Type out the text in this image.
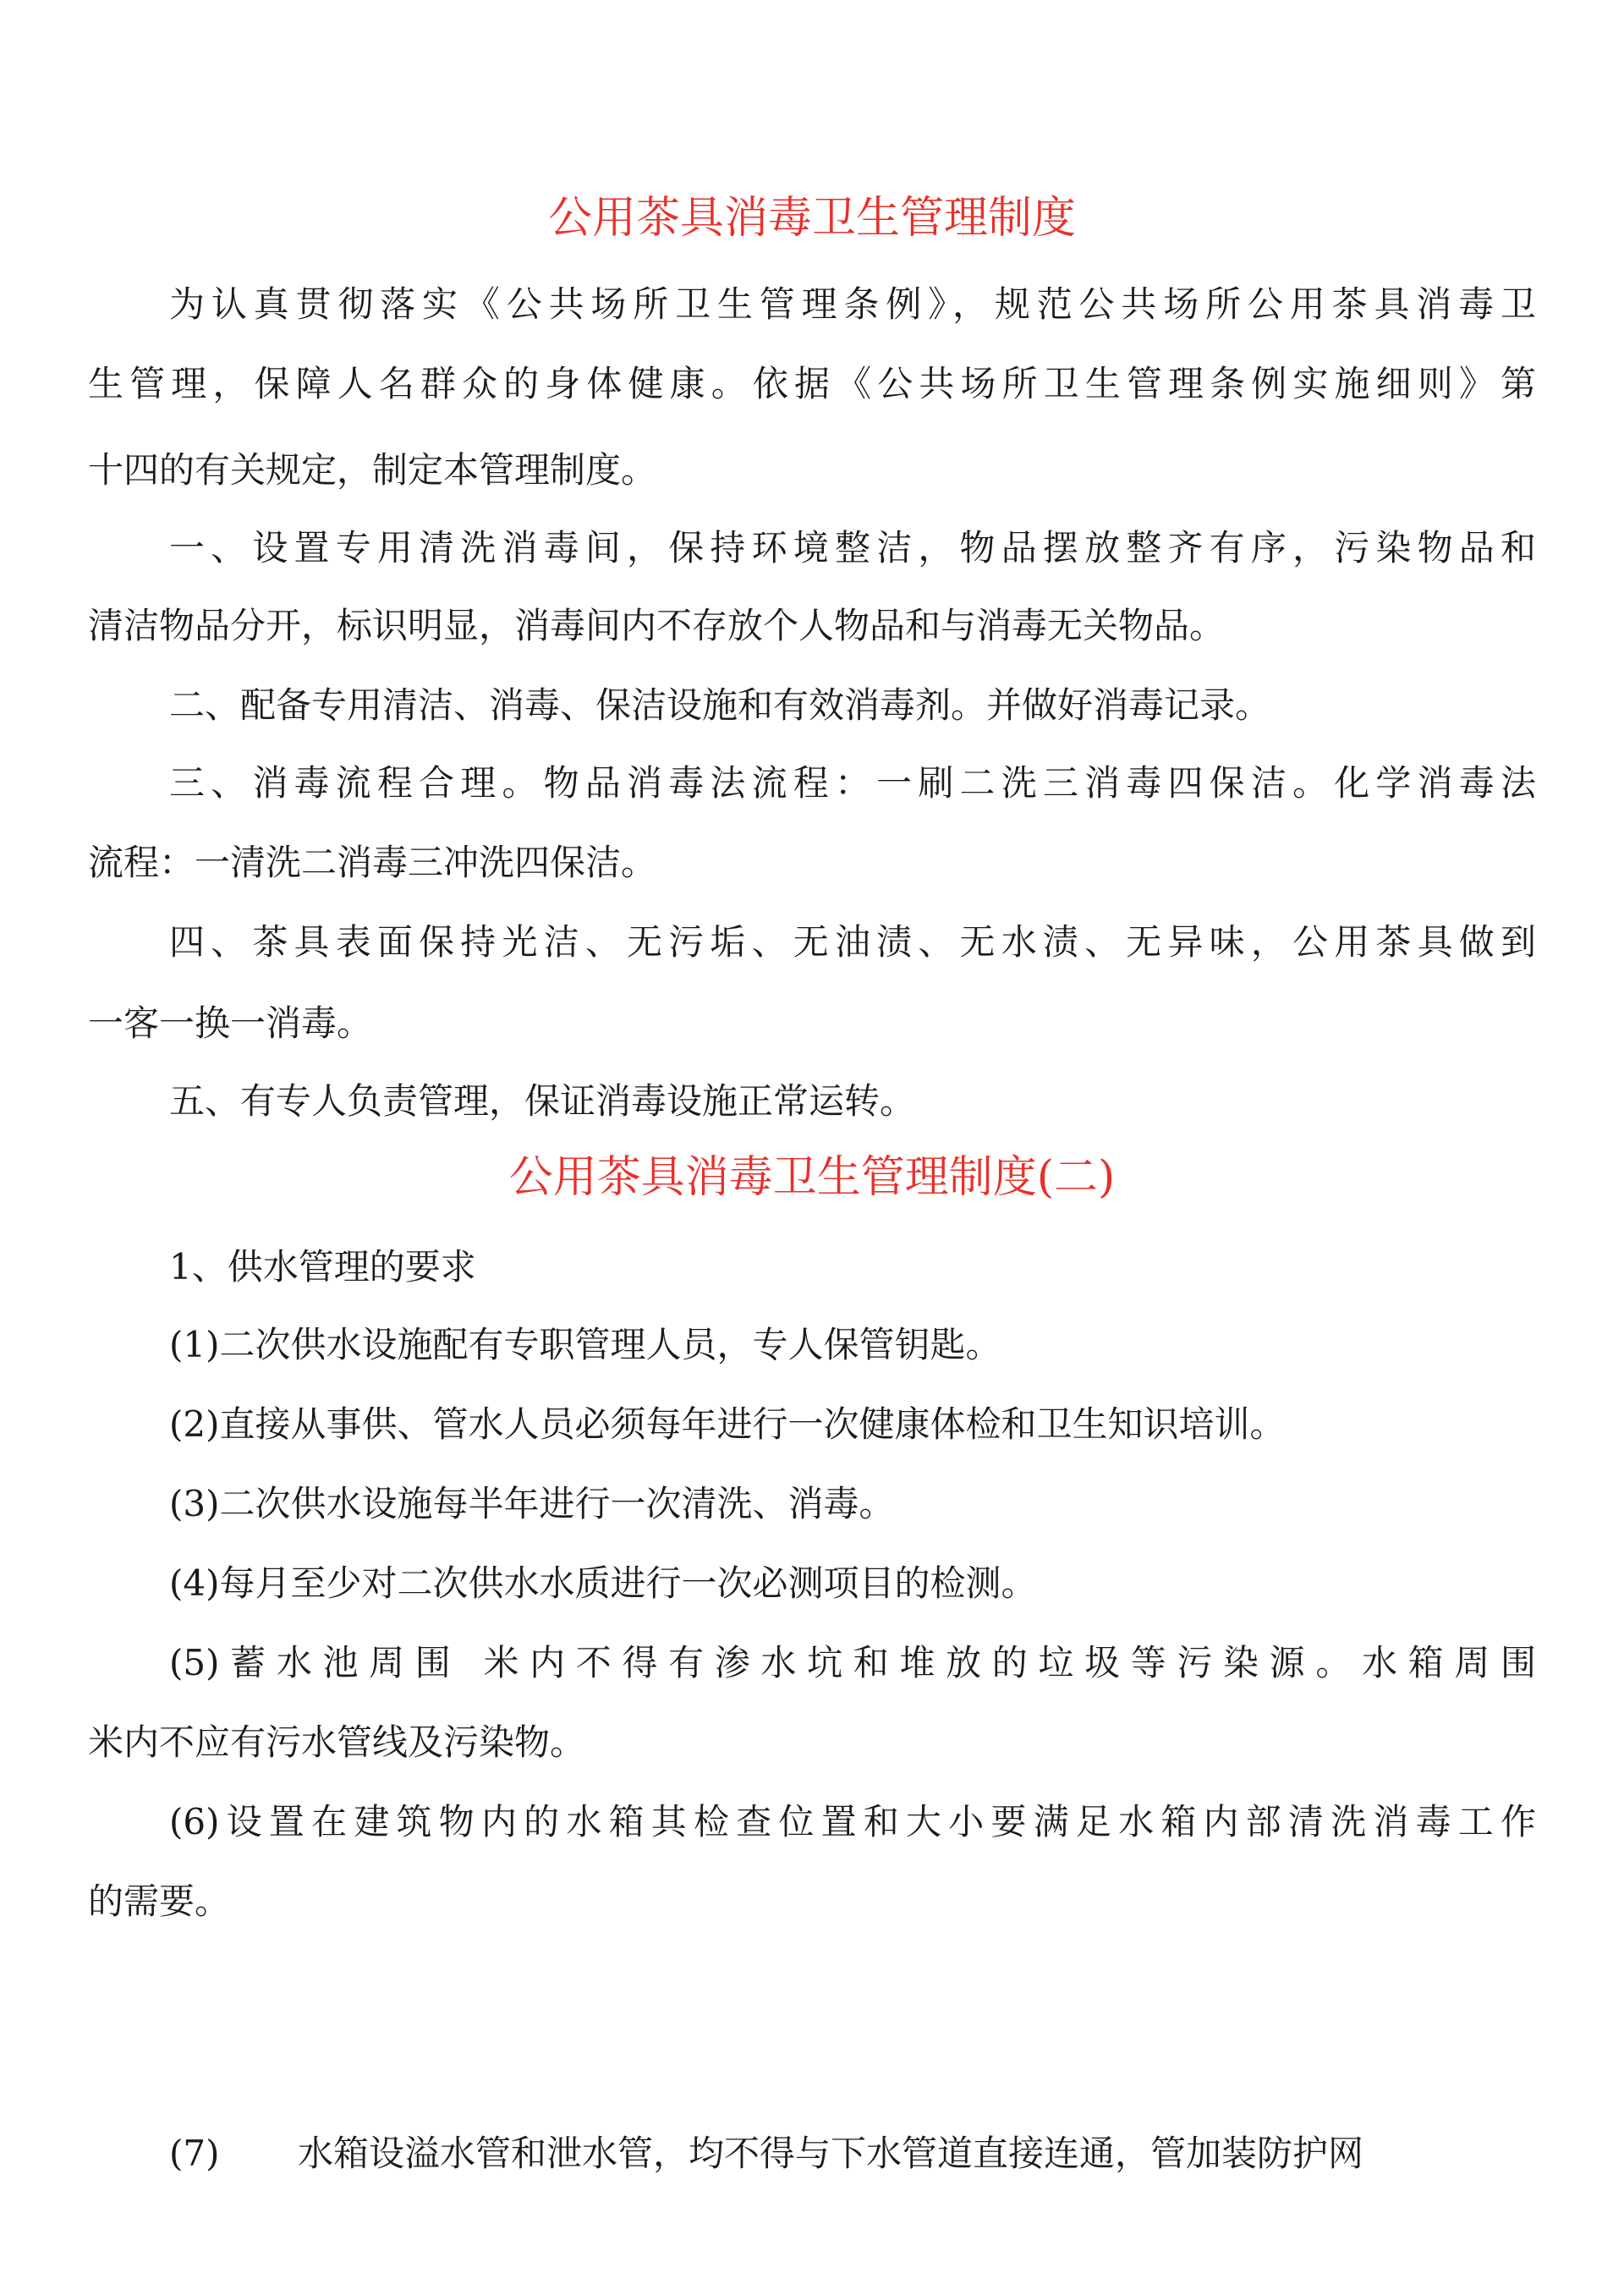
公用茶具消毒卫生管理制度
为认真贯彻落实《公共场所卫生管理条例》，规范公共场所公用茶具消毒卫
生管理，保障人名群众的身体健康。依据《公共场所卫生管理条例实施细则》第
十四的有关规定，制定本管理制度。
一、设置专用清洗消毒间，保持环境整洁，物品摆放整齐有序，污染物品和
清洁物品分开，标识明显，消毒间内不存放个人物品和与消毒无关物品。
二、配备专用清洁、消毒、保洁设施和有效消毒剂。并做好消毒记录。
三、消毒流程合理。物品消毒法流程：一刷二洗三消毒四保洁。化学消毒法
流程：一清洗二消毒三冲洗四保洁。
四、茶具表面保持光洁、无污垢、无油渍、无水渍、无异味，公用茶具做到
一客一换一消毒。
五、有专人负责管理，保证消毒设施正常运转。
公用茶具消毒卫生管理制度(二)
1、供水管理的要求
(1)二次供水设施配有专职管理人员，专人保管钥匙。
(2)直接从事供、管水人员必须每年进行一次健康体检和卫生知识培训。
(3)二次供水设施每半年进行一次清洗、消毒。
(4)每月至少对二次供水水质进行一次必测项目的检测。
(5)蓄水池周围 米内不得有渗水坑和堆放的垃圾等污染源。水箱周围
米内不应有污水管线及污染物。
(6)设置在建筑物内的水箱其检查位置和大小要满足水箱内部清洗消毒工作
的需要。
(7) 水箱设溢水管和泄水管，均不得与下水管道直接连通，管加装防护网
